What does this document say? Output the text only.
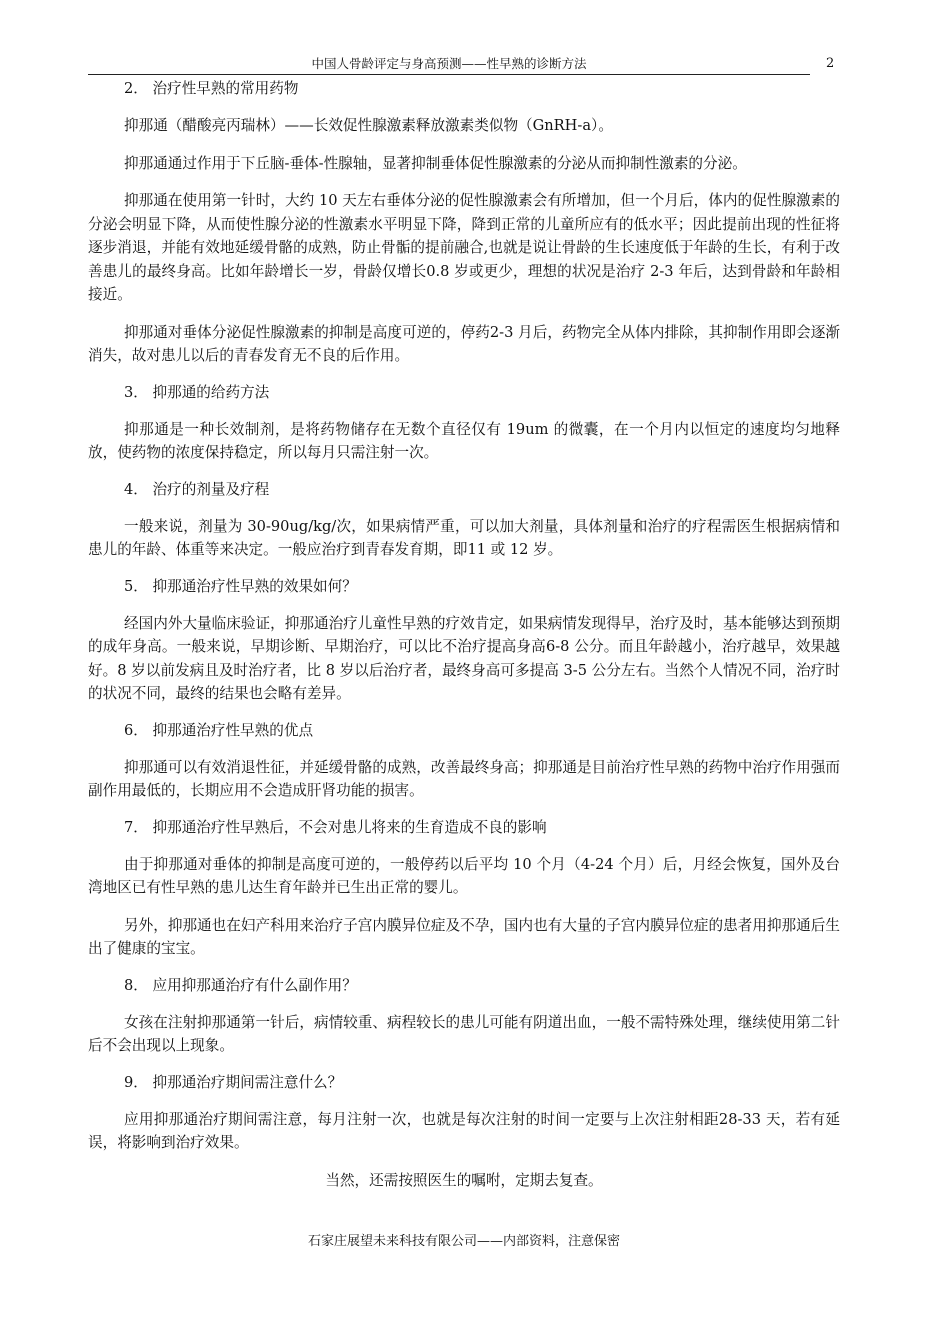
中国人骨龄评定与身高预测——性早熟的诊断方法	2
2． 治疗性早熟的常用药物
抑那通（醋酸亮丙瑞林）——长效促性腺激素释放激素类似物（GnRH-a）。
抑那通通过作用于下丘脑-垂体-性腺轴，显著抑制垂体促性腺激素的分泌从而抑制性激素的分泌。
抑那通在使用第一针时，大约 10 天左右垂体分泌的促性腺激素会有所增加，但一个月后，体内的促性腺激素的分泌会明显下降，从而使性腺分泌的性激素水平明显下降，降到正常的儿童所应有的低水平；因此提前出现的性征将逐步消退，并能有效地延缓骨骼的成熟，防止骨骺的提前融合,也就是说让骨龄的生长速度低于年龄的生长，有利于改善患儿的最终身高。比如年龄增长一岁，骨龄仅增长0.8 岁或更少，理想的状况是治疗 2-3 年后，达到骨龄和年龄相接近。
抑那通对垂体分泌促性腺激素的抑制是高度可逆的，停药2-3 月后，药物完全从体内排除，其抑制作用即会逐渐消失，故对患儿以后的青春发育无不良的后作用。
3． 抑那通的给药方法
抑那通是一种长效制剂，是将药物储存在无数个直径仅有 19um 的微囊，在一个月内以恒定的速度均匀地释放，使药物的浓度保持稳定，所以每月只需注射一次。
4． 治疗的剂量及疗程
一般来说，剂量为 30-90ug/kg/次，如果病情严重，可以加大剂量，具体剂量和治疗的疗程需医生根据病情和患儿的年龄、体重等来决定。一般应治疗到青春发育期，即11 或 12 岁。
5． 抑那通治疗性早熟的效果如何？
经国内外大量临床验证，抑那通治疗儿童性早熟的疗效肯定，如果病情发现得早，治疗及时，基本能够达到预期的成年身高。一般来说，早期诊断、早期治疗，可以比不治疗提高身高6-8 公分。而且年龄越小，治疗越早，效果越好。8 岁以前发病且及时治疗者，比 8 岁以后治疗者，最终身高可多提高 3-5 公分左右。当然个人情况不同，治疗时的状况不同，最终的结果也会略有差异。
6． 抑那通治疗性早熟的优点
抑那通可以有效消退性征，并延缓骨骼的成熟，改善最终身高；抑那通是目前治疗性早熟的药物中治疗作用强而副作用最低的，长期应用不会造成肝肾功能的损害。
7． 抑那通治疗性早熟后，不会对患儿将来的生育造成不良的影响
由于抑那通对垂体的抑制是高度可逆的，一般停药以后平均 10 个月（4-24 个月）后，月经会恢复，国外及台湾地区已有性早熟的患儿达生育年龄并已生出正常的婴儿。
另外，抑那通也在妇产科用来治疗子宫内膜异位症及不孕，国内也有大量的子宫内膜异位症的患者用抑那通后生出了健康的宝宝。
8． 应用抑那通治疗有什么副作用？
女孩在注射抑那通第一针后，病情较重、病程较长的患儿可能有阴道出血，一般不需特殊处理，继续使用第二针后不会出现以上现象。
9． 抑那通治疗期间需注意什么？
应用抑那通治疗期间需注意，每月注射一次，也就是每次注射的时间一定要与上次注射相距28-33 天，若有延误，将影响到治疗效果。
当然，还需按照医生的嘱咐，定期去复查。
石家庄展望未来科技有限公司——内部资料，注意保密
